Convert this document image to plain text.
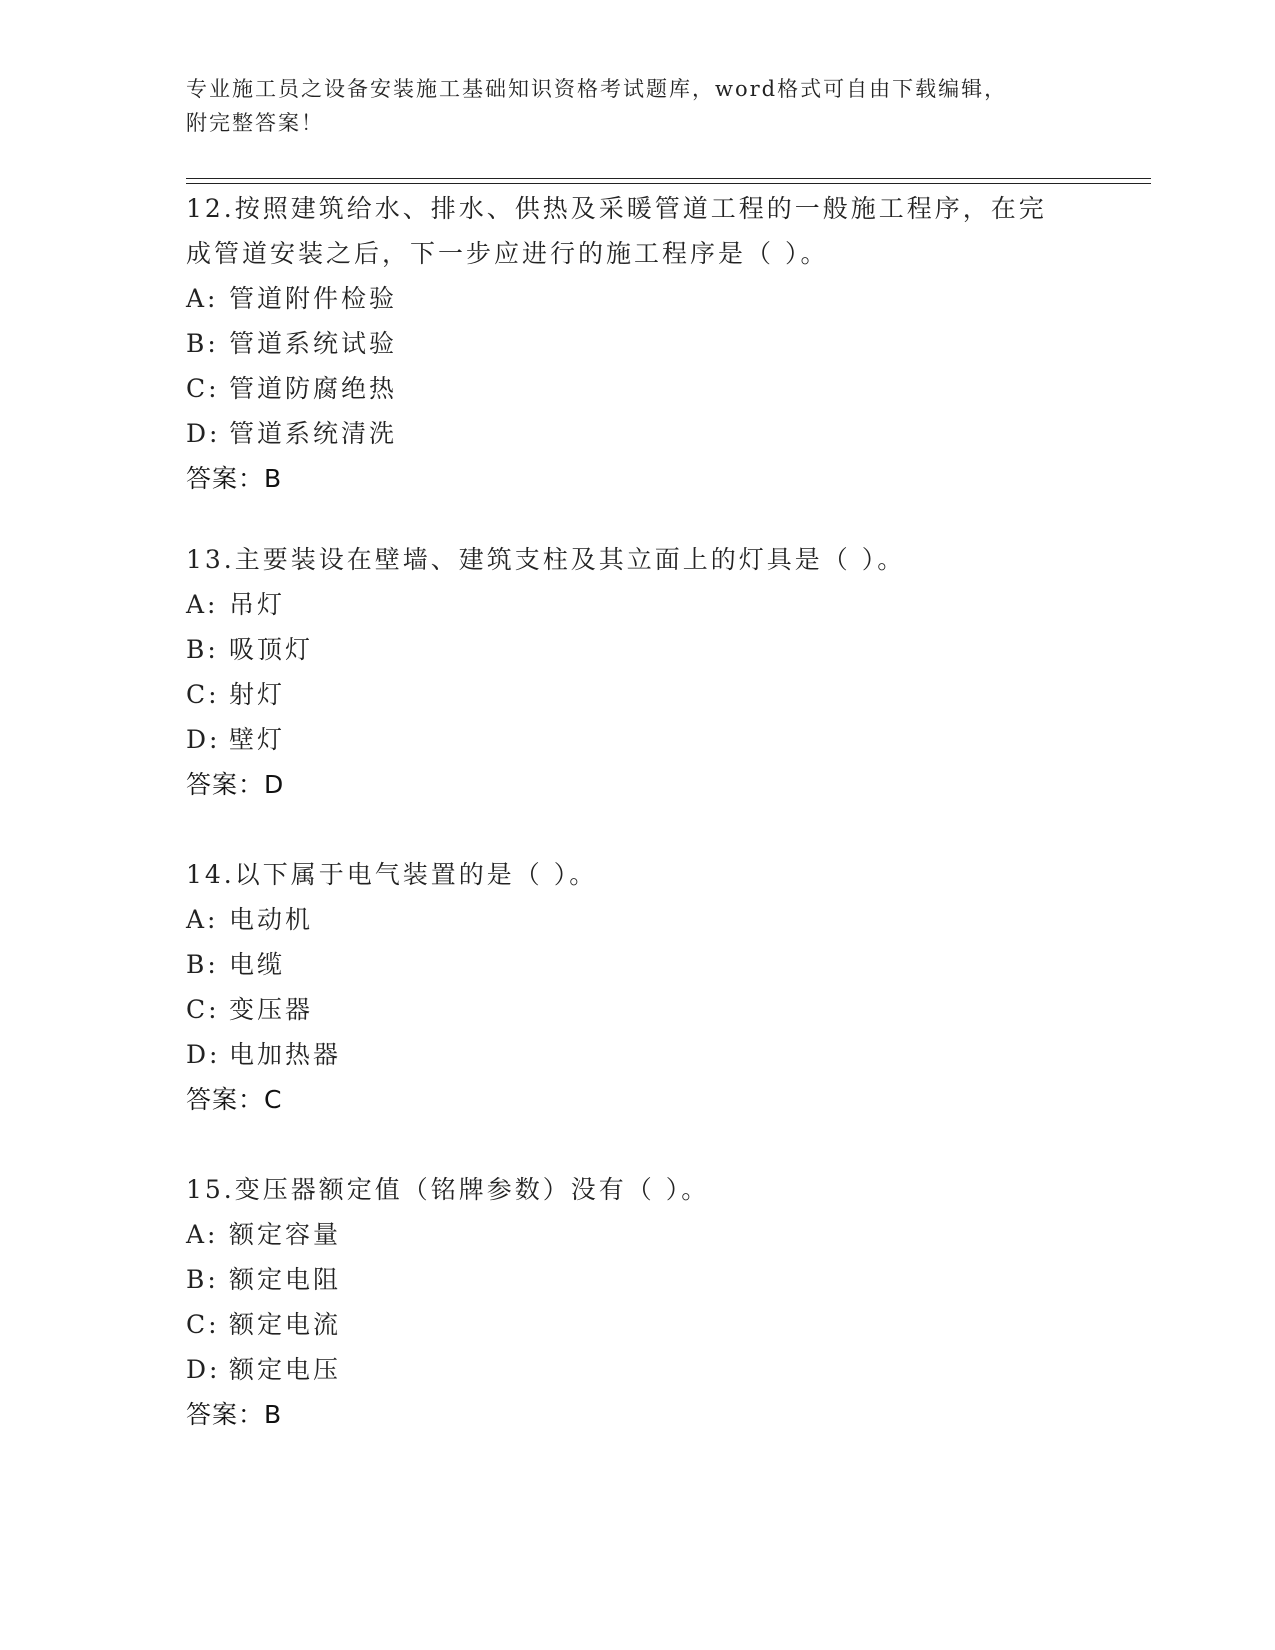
专业施工员之设备安装施工基础知识资格考试题库，word格式可自由下载编辑，
附完整答案！
12.按照建筑给水、排水、供热及采暖管道工程的一般施工程序，在完
成管道安装之后，下一步应进行的施工程序是（ ）。
A: 管道附件检验
B: 管道系统试验
C: 管道防腐绝热
D: 管道系统清洗
答案：B
13.主要装设在壁墙、建筑支柱及其立面上的灯具是（ ）。
A: 吊灯
B: 吸顶灯
C: 射灯
D: 壁灯
答案：D
14.以下属于电气装置的是（ ）。
A: 电动机
B: 电缆
C: 变压器
D: 电加热器
答案：C
15.变压器额定值（铭牌参数）没有（ ）。
A: 额定容量
B: 额定电阻
C: 额定电流
D: 额定电压
答案：B
